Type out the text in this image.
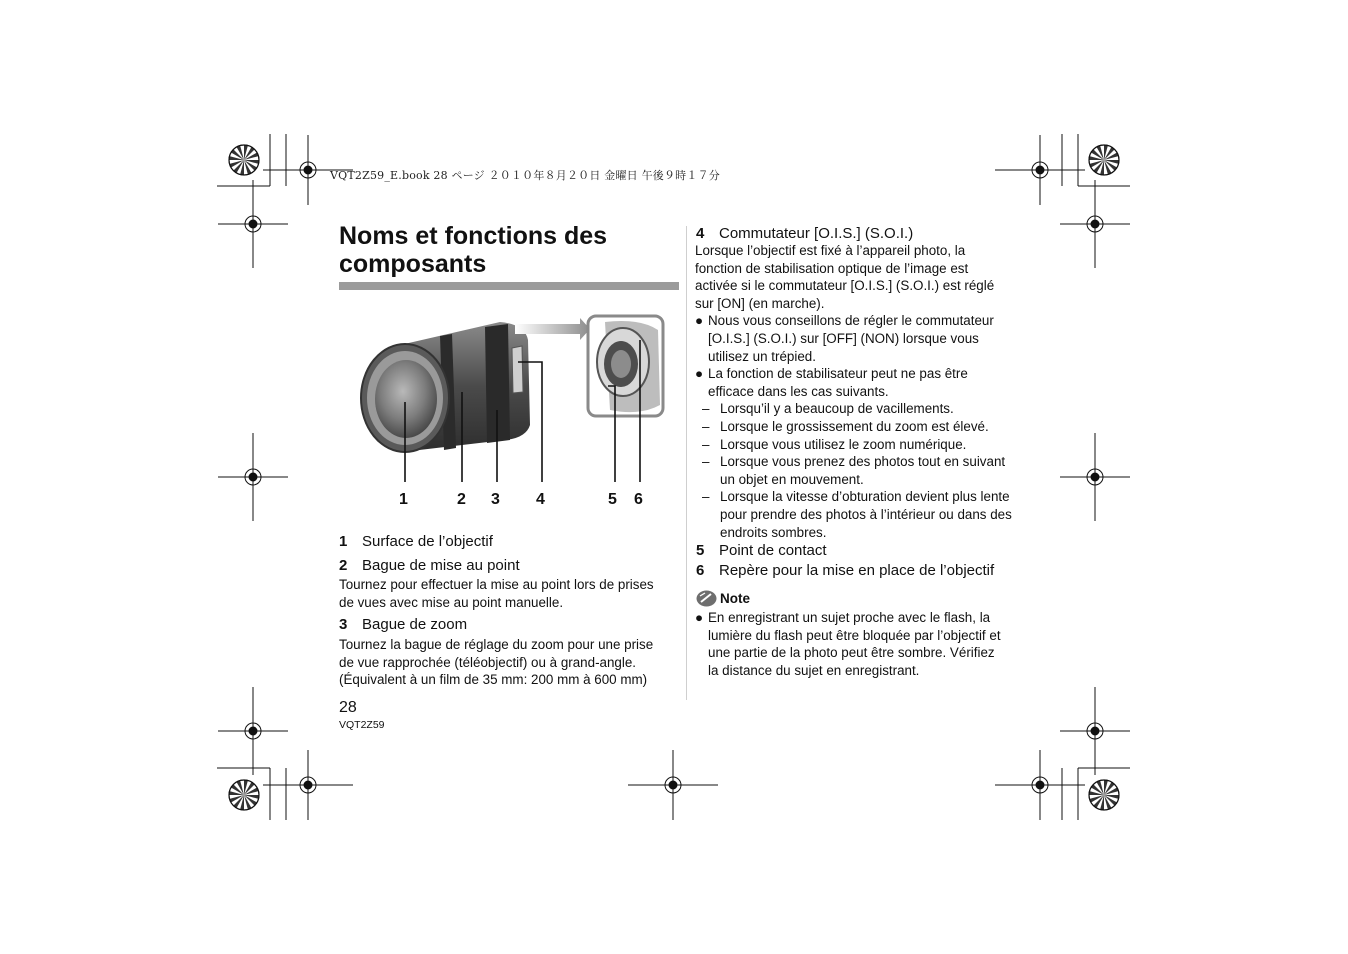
VQT2Z59_E.book 28 ページ ２０１０年８月２０日 金曜日 午後９時１７分
Noms et fonctions des composants
1	2 3 4	5 6
1 Surface de l’objectif
2 Bague de mise au point

Tournez pour effectuer la mise au point lors de prises

de vues avec mise au point manuelle.

3 Bague de zoom

Tournez la bague de réglage du zoom pour une prise

de vue rapprochée (téléobjectif) ou à grand-angle.

(Équivalent à un film de 35 mm: 200 mm à 600 mm)

4 Commutateur [O.I.S.] (S.O.I.)

Lorsque l’objectif est fixé à l’appareil photo, la

fonction de stabilisation optique de l’image est

activée si le commutateur [O.I.S.] (S.O.I.) est réglé

sur [ON] (en marche).

● Nous vous conseillons de régler le commutateur

[O.I.S.] (S.O.I.) sur [OFF] (NON) lorsque vous

utilisez un trépied.

● La fonction de stabilisateur peut ne pas être

efficace dans les cas suivants.

– Lorsqu’il y a beaucoup de vacillements.

– Lorsque le grossissement du zoom est élevé.

– Lorsque vous utilisez le zoom numérique.

– Lorsque vous prenez des photos tout en suivant

un objet en mouvement.

– Lorsque la vitesse d’obturation devient plus lente

pour prendre des photos à l’intérieur ou dans des

endroits sombres.

5 Point de contact
6 Repère pour la mise en place de l’objectif
Note
● En enregistrant un sujet proche avec le flash, la

lumière du flash peut être bloquée par l’objectif et

une partie de la photo peut être sombre. Vérifiez

la distance du sujet en enregistrant.

28
VQT2Z59
